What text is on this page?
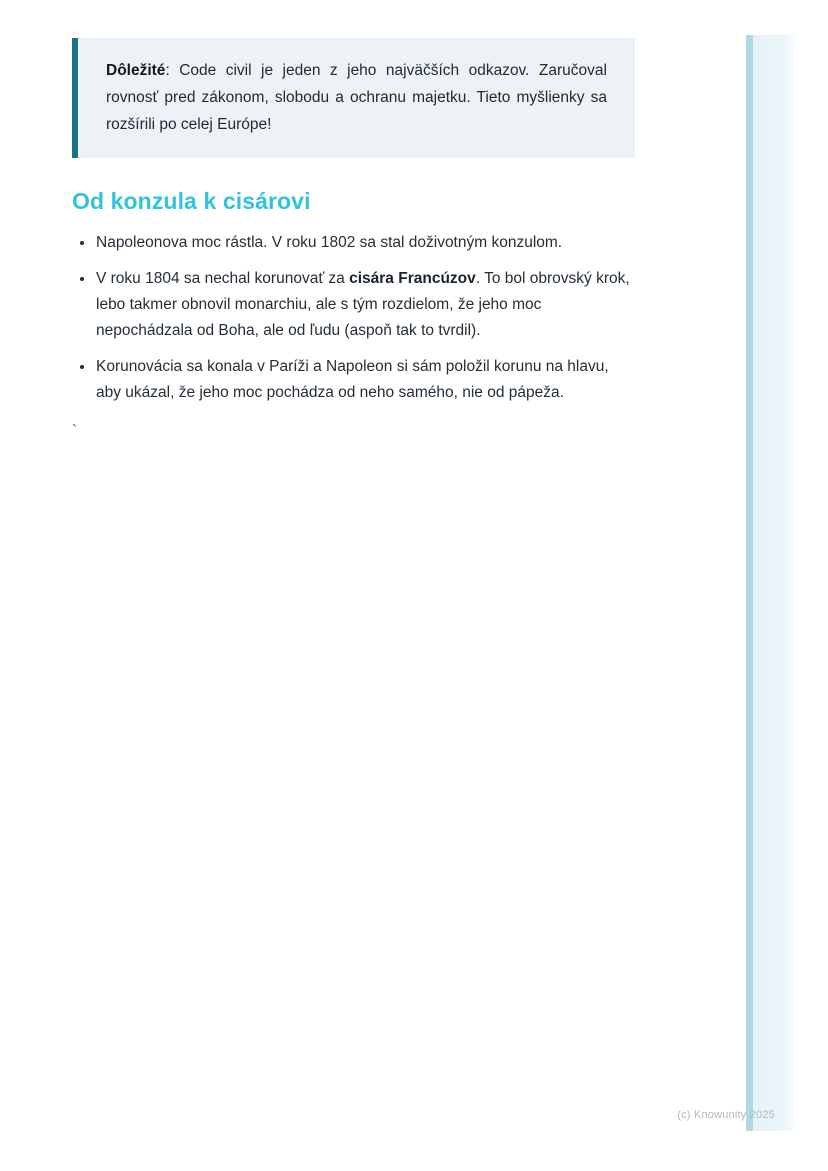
Dôležité: Code civil je jeden z jeho najväčších odkazov. Zaručoval rovnosť pred zákonom, slobodu a ochranu majetku. Tieto myšlienky sa rozšírili po celej Európe!

Od konzula k cisárovi
• Napoleonova moc rástla. V roku 1802 sa stal doživotným konzulom.
• V roku 1804 sa nechal korunovať za cisára Francúzov. To bol obrovský krok, lebo takmer obnovil monarchiu, ale s tým rozdielom, že jeho moc nepochádzala od Boha, ale od ľudu (aspoň tak to tvrdil).
• Korunovácia sa konala v Paríži a Napoleon si sám položil korunu na hlavu, aby ukázal, že jeho moc pochádza od neho samého, nie od pápeža.
`
(c) Knowunity 2025
